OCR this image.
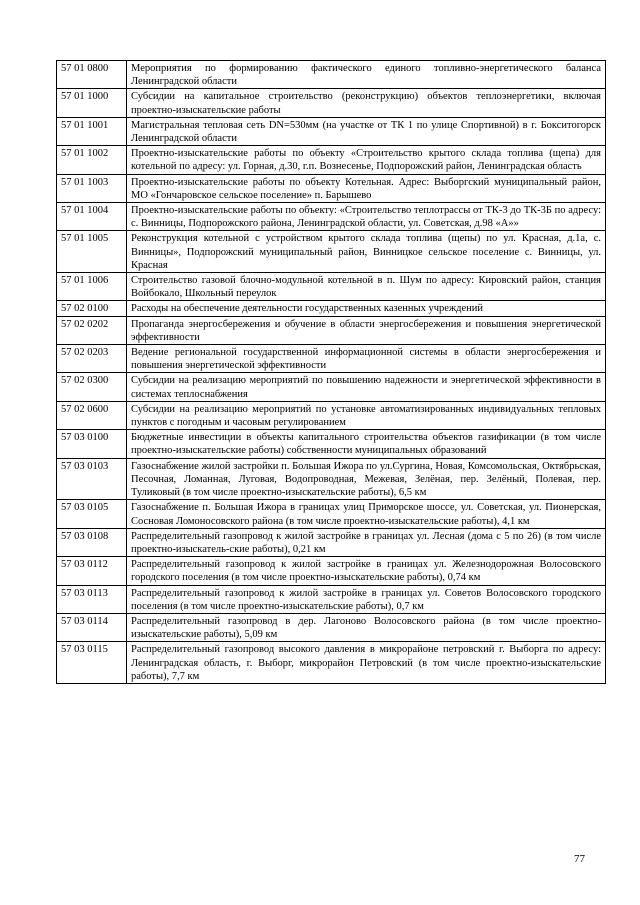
57 01 0800	Мероприятия по формированию фактического единого топливно-энергетического баланса Ленинградской области
57 01 1000	Субсидии на капитальное строительство (реконструкцию) объектов теплоэнергетики, включая проектно-изыскательские работы
57 01 1001	Магистральная тепловая сеть DN=530мм (на участке от ТК 1 по улице Спортивной) в г. Бокситогорск Ленинградской области
57 01 1002	Проектно-изыскательские работы по объекту «Строительство крытого склада топлива (щепа) для котельной по адресу: ул. Горная, д.30, г.п. Вознесенье, Подпорожский район, Ленинградская область
57 01 1003	Проектно-изыскательские работы по объекту Котельная. Адрес: Выборгский муниципальный район, МО «Гончаровское сельское поселение» п. Барышево
57 01 1004	Проектно-изыскательские работы по объекту: «Строительство теплотрассы от ТК-3 до ТК-3Б по адресу: с. Винницы, Подпорожского района, Ленинградской области, ул. Советская, д.98 «А»»
57 01 1005	Реконструкция котельной с устройством крытого склада топлива (щепы) по ул. Красная, д.1а, с. Винницы», Подпорожский муниципальный район, Винницкое сельское поселение с. Винницы, ул. Красная
57 01 1006	Строительство газовой блочно-модульной котельной в п. Шум по адресу: Кировский район, станция Войбокало, Школьный переулок
57 02 0100	Расходы на обеспечение деятельности государственных казенных учреждений
57 02 0202	Пропаганда энергосбережения и обучение в области энергосбережения и повышения энергетической эффективности
57 02 0203	Ведение региональной государственной информационной системы в области энергосбережения и повышения энергетической эффективности
57 02 0300	Субсидии на реализацию мероприятий по повышению надежности и энергетической эффективности в системах теплоснабжения
57 02 0600	Субсидии на реализацию мероприятий по установке автоматизированных индивидуальных тепловых пунктов с погодным и часовым регулированием
57 03 0100	Бюджетные инвестиции в объекты капитального строительства объектов газификации (в том числе проектно-изыскательские работы) собственности муниципальных образований
57 03 0103	Газоснабжение жилой застройки п. Большая Ижора по ул.Сургина, Новая, Комсомольская, Октябрьская, Песочная, Ломанная, Луговая, Водопроводная, Межевая, Зелёная, пер. Зелёный, Полевая, пер. Туликовый (в том числе проектно-изыскательские работы), 6,5 км
57 03 0105	Газоснабжение п. Большая Ижора в границах улиц Приморское шоссе, ул. Советская, ул. Пионерская, Сосновая Ломоносовского района (в том числе проектно-изыскательские работы), 4,1 км
57 03 0108	Распределительный газопровод к жилой застройке в границах ул. Лесная (дома с 5 по 26) (в том числе проектно-изыскатель-ские работы), 0,21 км
57 03 0112	Распределительный газопровод к жилой застройке в границах ул. Железнодорожная Волосовского городского поселения (в том числе проектно-изыскательские работы), 0,74 км
57 03 0113	Распределительный газопровод к жилой застройке в границах ул. Советов Волосовского городского поселения (в том числе проектно-изыскательские работы), 0,7 км
57 03 0114	Распределительный газопровод в дер. Лагоново Волосовского района (в том числе проектно-изыскательские работы), 5,09 км
57 03 0115	Распределительный газопровод высокого давления в микрорайоне петровский г. Выборга по адресу: Ленинградская область, г. Выборг, микрорайон Петровский (в том числе проектно-изыскательские работы), 7,7 км
77
